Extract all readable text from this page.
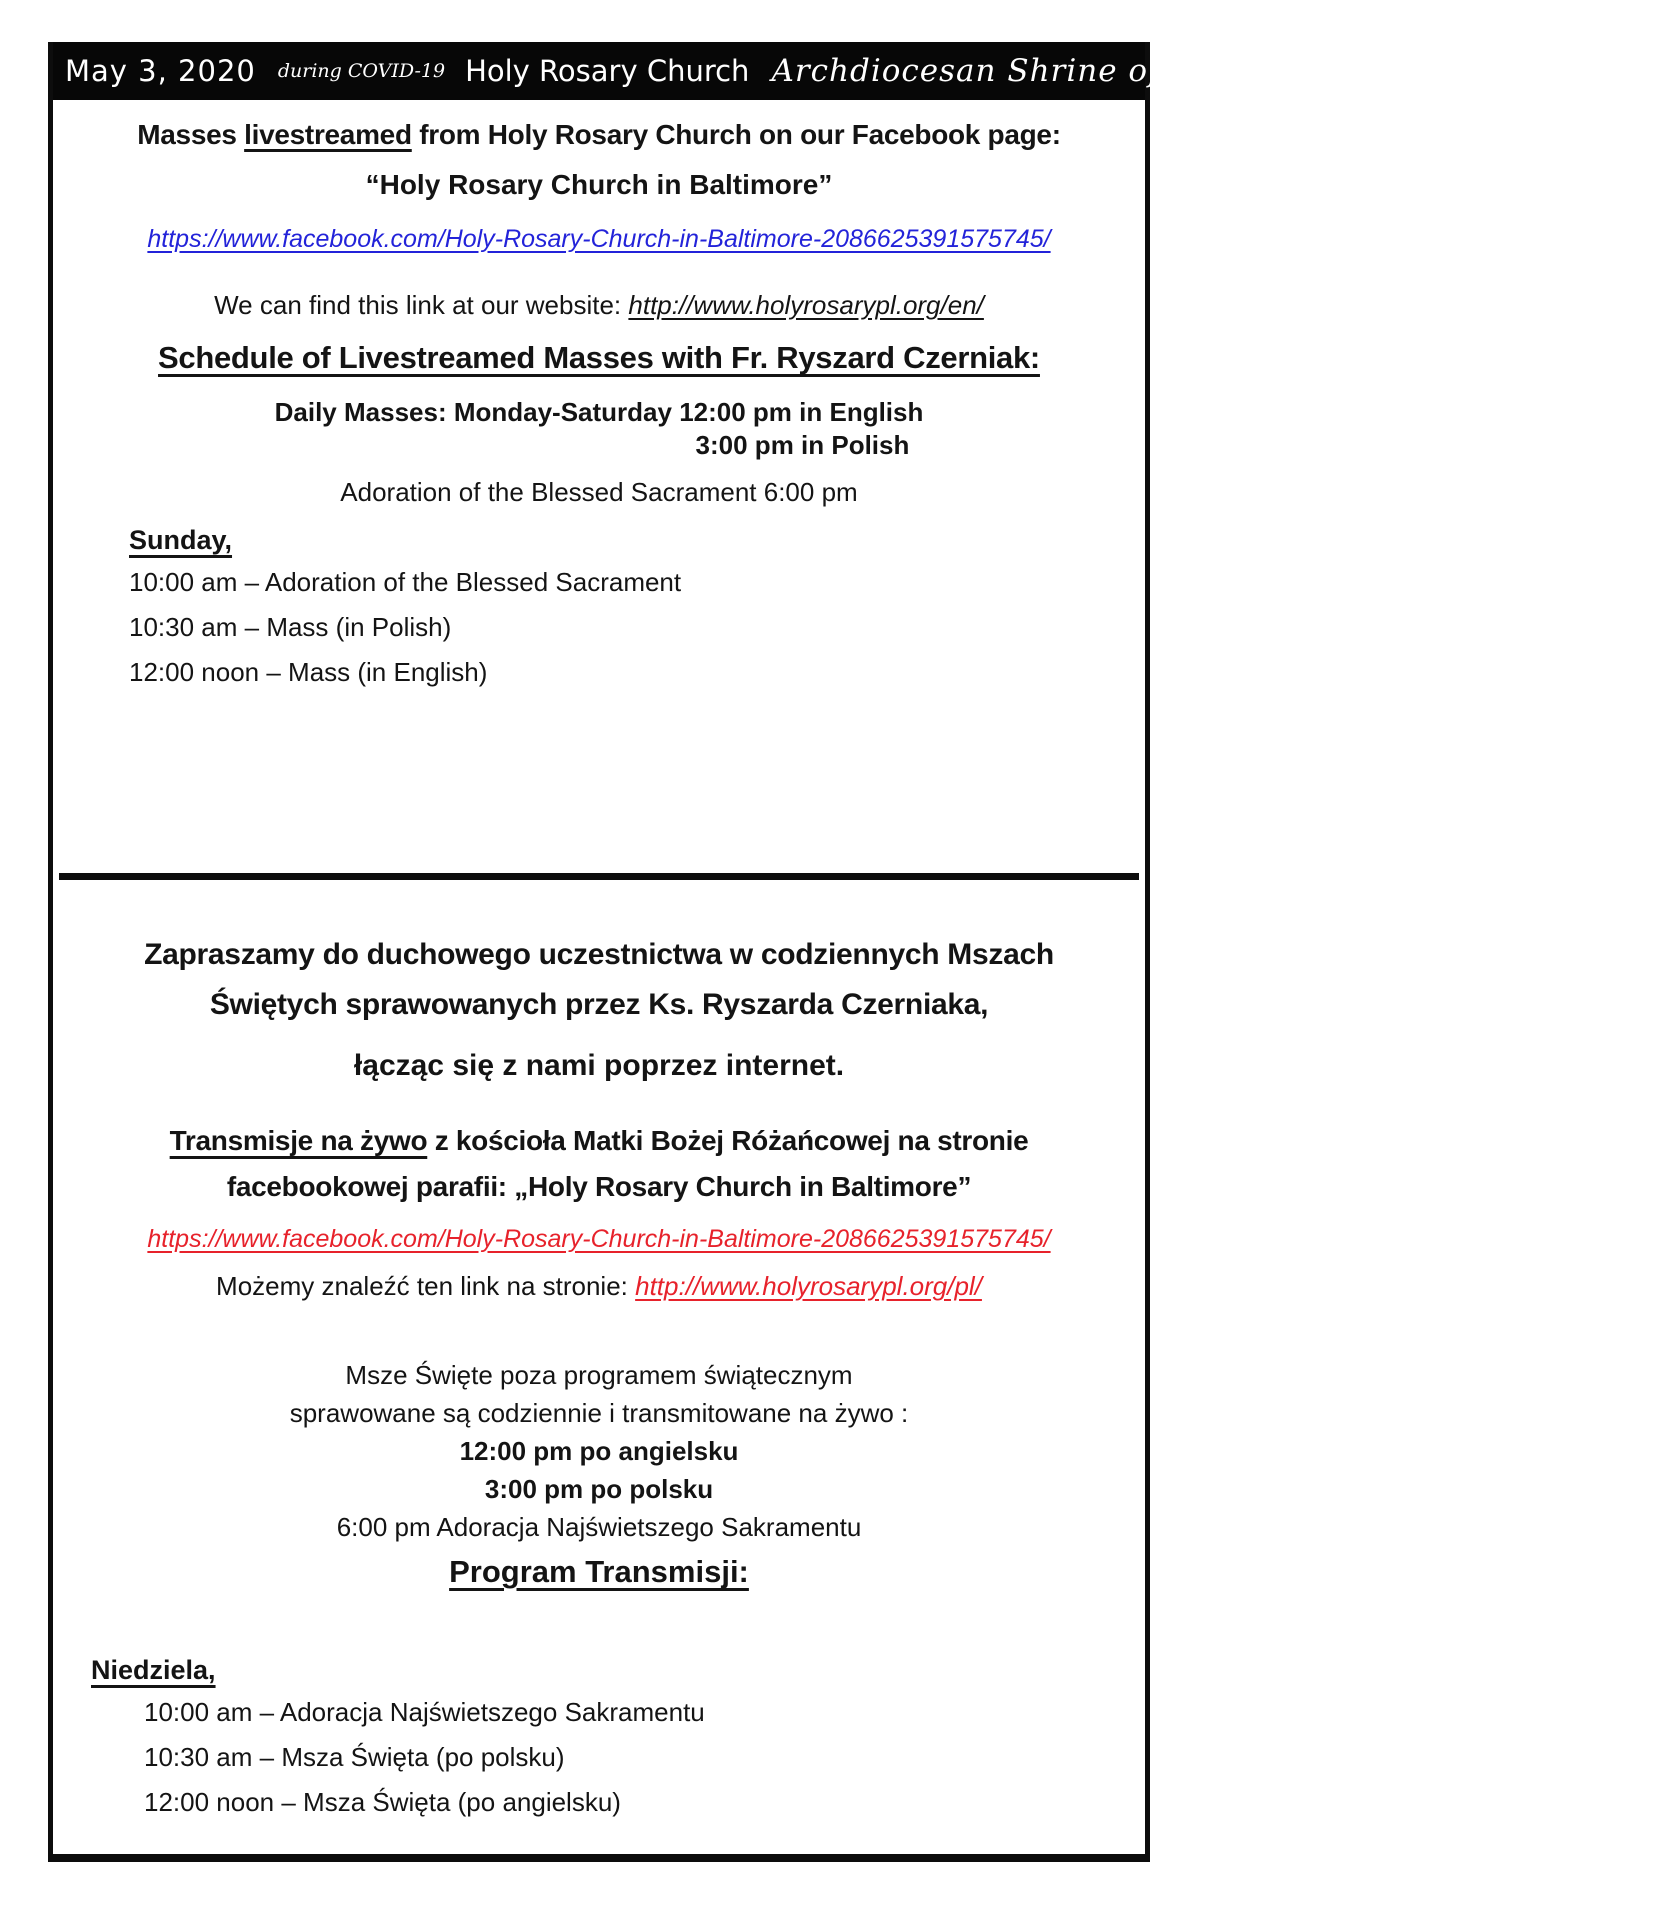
May 3, 2020 during COVID-19 Holy Rosary Church Archdiocesan Shrine of The Divine Mercy Baltimore, MD
Masses livestreamed from Holy Rosary Church on our Facebook page:
“Holy Rosary Church in Baltimore”
https://www.facebook.com/Holy-Rosary-Church-in-Baltimore-2086625391575745/
We can find this link at our website: http://www.holyrosarypl.org/en/
Schedule of Livestreamed Masses with Fr. Ryszard Czerniak:
Daily Masses: Monday-Saturday 12:00 pm in English
3:00 pm in Polish
Adoration of the Blessed Sacrament 6:00 pm
Sunday,
10:00 am – Adoration of the Blessed Sacrament
10:30 am – Mass (in Polish)
12:00 noon – Mass (in English)
Zapraszamy do duchowego uczestnictwa w codziennych Mszach
Świętych sprawowanych przez Ks. Ryszarda Czerniaka,
łącząc się z nami poprzez internet.
Transmisje na żywo z kościoła Matki Bożej Różańcowej na stronie
facebookowej parafii: „Holy Rosary Church in Baltimore”
https://www.facebook.com/Holy-Rosary-Church-in-Baltimore-2086625391575745/
Możemy znaleźć ten link na stronie: http://www.holyrosarypl.org/pl/
Msze Święte poza programem świątecznym
sprawowane są codziennie i transmitowane na żywo :
12:00 pm po angielsku
3:00 pm po polsku
6:00 pm Adoracja Najświetszego Sakramentu
Program Transmisji:
Niedziela,
10:00 am – Adoracja Najświetszego Sakramentu
10:30 am – Msza Święta (po polsku)
12:00 noon – Msza Święta (po angielsku)
